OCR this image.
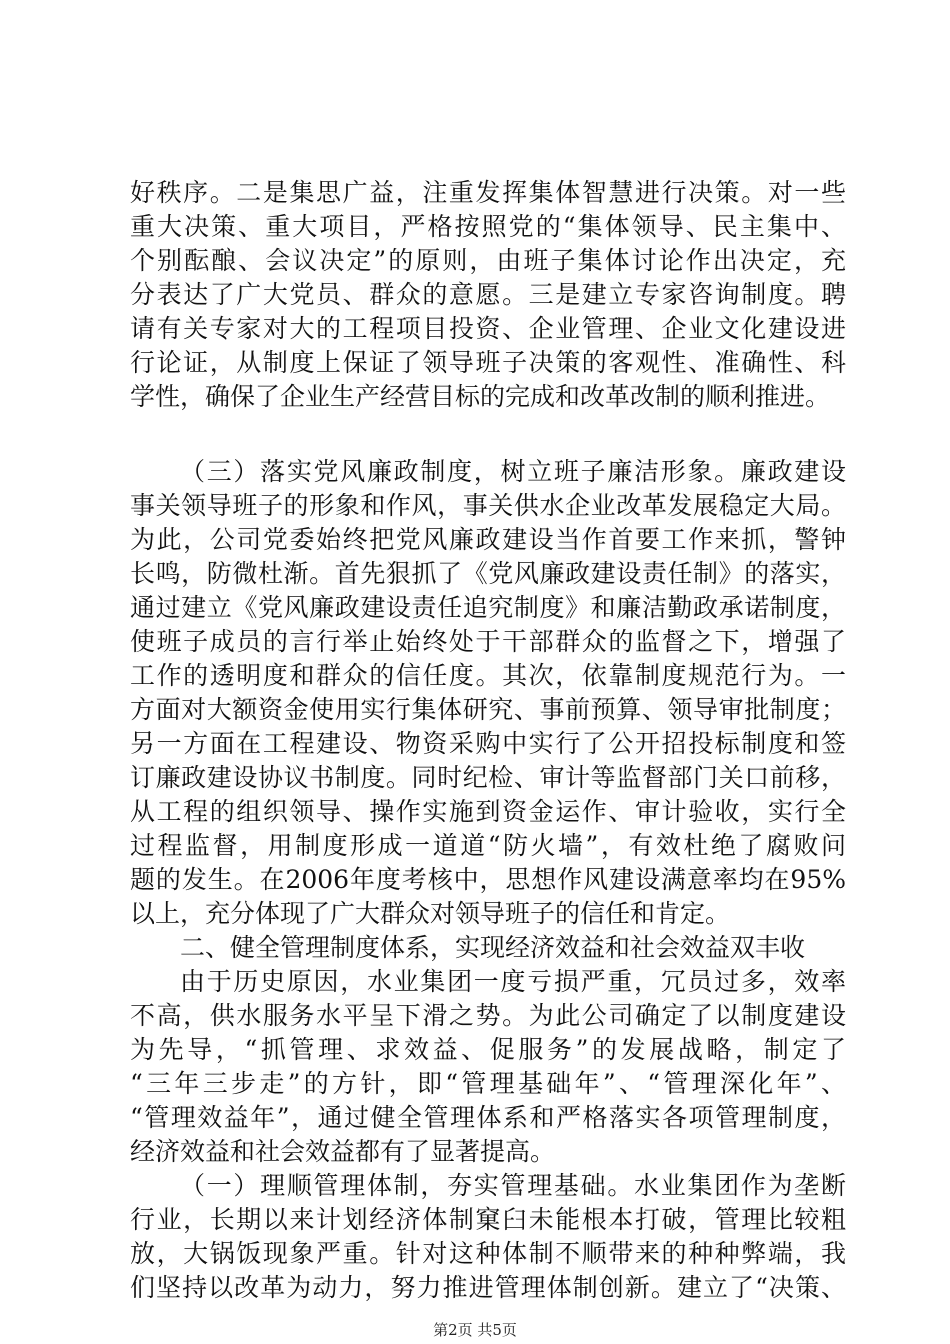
好秩序。二是集思广益，注重发挥集体智慧进行决策。对一些
重大决策、重大项目，严格按照党的“集体领导、民主集中、
个别酝酿、会议决定”的原则，由班子集体讨论作出决定，充
分表达了广大党员、群众的意愿。三是建立专家咨询制度。聘
请有关专家对大的工程项目投资、企业管理、企业文化建设进
行论证，从制度上保证了领导班子决策的客观性、准确性、科
学性，确保了企业生产经营目标的完成和改革改制的顺利推进。
（三）落实党风廉政制度，树立班子廉洁形象。廉政建设
事关领导班子的形象和作风，事关供水企业改革发展稳定大局。
为此，公司党委始终把党风廉政建设当作首要工作来抓，警钟
长鸣，防微杜渐。首先狠抓了《党风廉政建设责任制》的落实，
通过建立《党风廉政建设责任追究制度》和廉洁勤政承诺制度，
使班子成员的言行举止始终处于干部群众的监督之下，增强了
工作的透明度和群众的信任度。其次，依靠制度规范行为。一
方面对大额资金使用实行集体研究、事前预算、领导审批制度；
另一方面在工程建设、物资采购中实行了公开招投标制度和签
订廉政建设协议书制度。同时纪检、审计等监督部门关口前移，
从工程的组织领导、操作实施到资金运作、审计验收，实行全
过程监督，用制度形成一道道“防火墙”，有效杜绝了腐败问
题的发生。在2006年度考核中，思想作风建设满意率均在95%
以上，充分体现了广大群众对领导班子的信任和肯定。
二、健全管理制度体系，实现经济效益和社会效益双丰收
由于历史原因，水业集团一度亏损严重，冗员过多，效率
不高，供水服务水平呈下滑之势。为此公司确定了以制度建设
为先导，“抓管理、求效益、促服务”的发展战略，制定了
“三年三步走”的方针，即“管理基础年”、“管理深化年”、
“管理效益年”，通过健全管理体系和严格落实各项管理制度，
经济效益和社会效益都有了显著提高。
（一）理顺管理体制，夯实管理基础。水业集团作为垄断
行业，长期以来计划经济体制窠臼未能根本打破，管理比较粗
放，大锅饭现象严重。针对这种体制不顺带来的种种弊端，我
们坚持以改革为动力，努力推进管理体制创新。建立了“决策、
第2页 共5页
